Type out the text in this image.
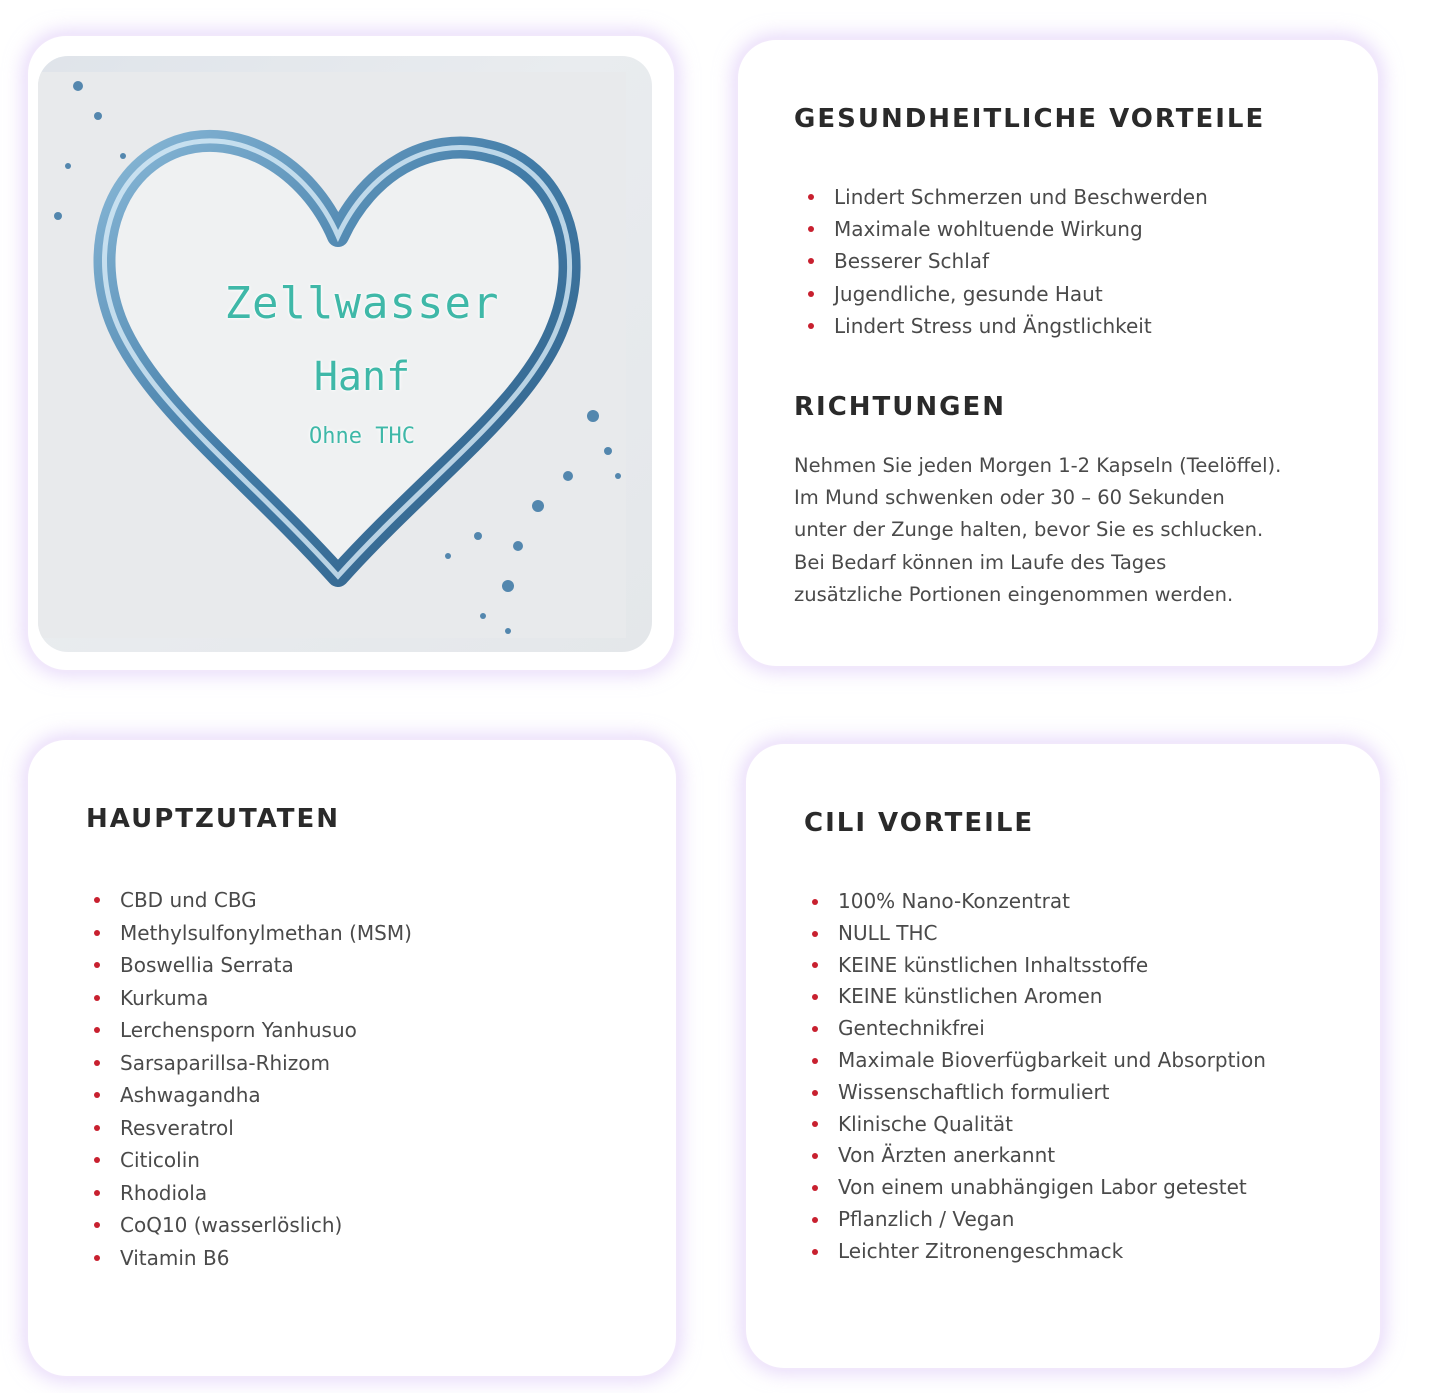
Zellwasser
Hanf
Ohne THC
GESUNDHEITLICHE VORTEILE
Lindert Schmerzen und Beschwerden
Maximale wohltuende Wirkung
Besserer Schlaf
Jugendliche, gesunde Haut
Lindert Stress und Ängstlichkeit
RICHTUNGEN
Nehmen Sie jeden Morgen 1-2 Kapseln (Teelöffel).
Im Mund schwenken oder 30 – 60 Sekunden
unter der Zunge halten, bevor Sie es schlucken.
Bei Bedarf können im Laufe des Tages
zusätzliche Portionen eingenommen werden.
HAUPTZUTATEN
CBD und CBG
Methylsulfonylmethan (MSM)
Boswellia Serrata
Kurkuma
Lerchensporn Yanhusuo
Sarsaparillsa-Rhizom
Ashwagandha
Resveratrol
Citicolin
Rhodiola
CoQ10 (wasserlöslich)
Vitamin B6
CILI VORTEILE
100% Nano-Konzentrat
NULL THC
KEINE künstlichen Inhaltsstoffe
KEINE künstlichen Aromen
Gentechnikfrei
Maximale Bioverfügbarkeit und Absorption
Wissenschaftlich formuliert
Klinische Qualität
Von Ärzten anerkannt
Von einem unabhängigen Labor getestet
Pflanzlich / Vegan
Leichter Zitronengeschmack
